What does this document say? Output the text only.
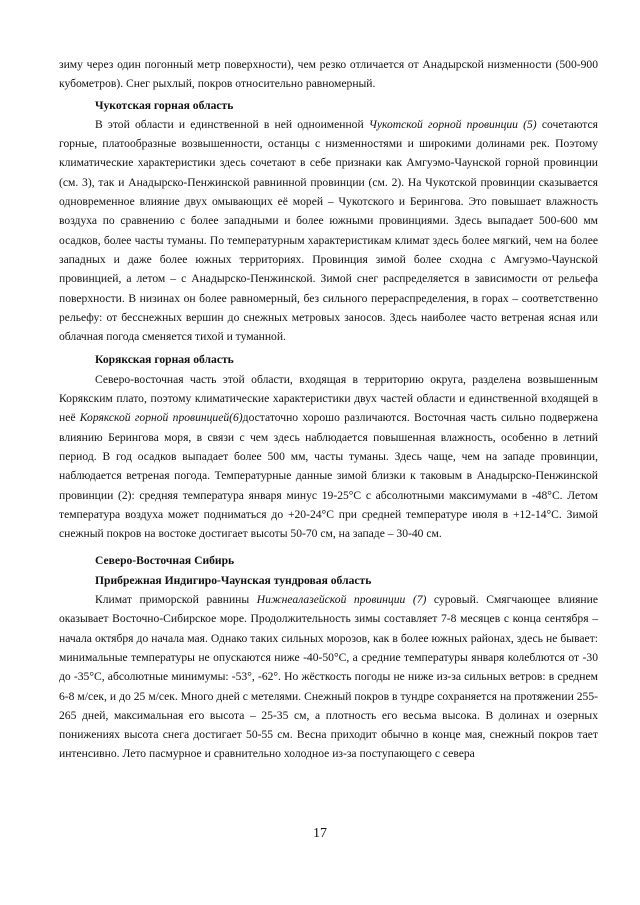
зиму через один погонный метр поверхности), чем резко отличается от Анадырской низменности (500-900 кубометров). Снег рыхлый, покров относительно равномерный.

Чукотская горная область

В этой области и единственной в ней одноименной Чукотской горной провинции (5) сочетаются горные, платообразные возвышенности, останцы с низменностями и широкими долинами рек. Поэтому климатические характеристики здесь сочетают в себе признаки как Амгуэмо-Чаунской горной провинции (см. 3), так и Анадырско-Пенжинской равнинной провинции (см. 2). На Чукотской провинции сказывается одновременное влияние двух омывающих её морей – Чукотского и Берингова. Это повышает влажность воздуха по сравнению с более западными и более южными провинциями. Здесь выпадает 500-600 мм осадков, более часты туманы. По температурным характеристикам климат здесь более мягкий, чем на более западных и даже более южных территориях. Провинция зимой более сходна с Амгуэмо-Чаунской провинцией, а летом – с Анадырско-Пенжинской. Зимой снег распределяется в зависимости от рельефа поверхности. В низинах он более равномерный, без сильного перераспределения, в горах – соответственно рельефу: от бесснежных вершин до снежных метровых заносов. Здесь наиболее часто ветреная ясная или облачная погода сменяется тихой и туманной.

Корякская горная область

Северо-восточная часть этой области, входящая в территорию округа, разделена возвышенным Корякским плато, поэтому климатические характеристики двух частей области и единственной входящей в неё Корякской горной провинцией(6)достаточно хорошо различаются. Восточная часть сильно подвержена влиянию Берингова моря, в связи с чем здесь наблюдается повышенная влажность, особенно в летний период. В год осадков выпадает более 500 мм, часты туманы. Здесь чаще, чем на западе провинции, наблюдается ветреная погода. Температурные данные зимой близки к таковым в Анадырско-Пенжинской провинции (2): средняя температура января минус 19-25°С с абсолютными максимумами в -48°С. Летом температура воздуха может подниматься до +20-24°С при средней температуре июля в +12-14°С. Зимой снежный покров на востоке достигает высоты 50-70 см, на западе – 30-40 см.

Северо-Восточная Сибирь
Прибрежная Индигиро-Чаунская тундровая область

Климат приморской равнины Нижнеалазейской провинции (7) суровый. Смягчающее влияние оказывает Восточно-Сибирское море. Продолжительность зимы составляет 7-8 месяцев с конца сентября – начала октября до начала мая. Однако таких сильных морозов, как в более южных районах, здесь не бывает: минимальные температуры не опускаются ниже -40-50°С, а средние температуры января колеблются от -30 до -35°С, абсолютные минимумы: -53°, -62°. Но жёсткость погоды не ниже из-за сильных ветров: в среднем 6-8 м/сек, и до 25 м/сек. Много дней с метелями. Снежный покров в тундре сохраняется на протяжении 255-265 дней, максимальная его высота – 25-35 см, а плотность его весьма высока. В долинах и озерных понижениях высота снега достигает 50-55 см. Весна приходит обычно в конце мая, снежный покров тает интенсивно. Лето пасмурное и сравнительно холодное из-за поступающего с севера

17
